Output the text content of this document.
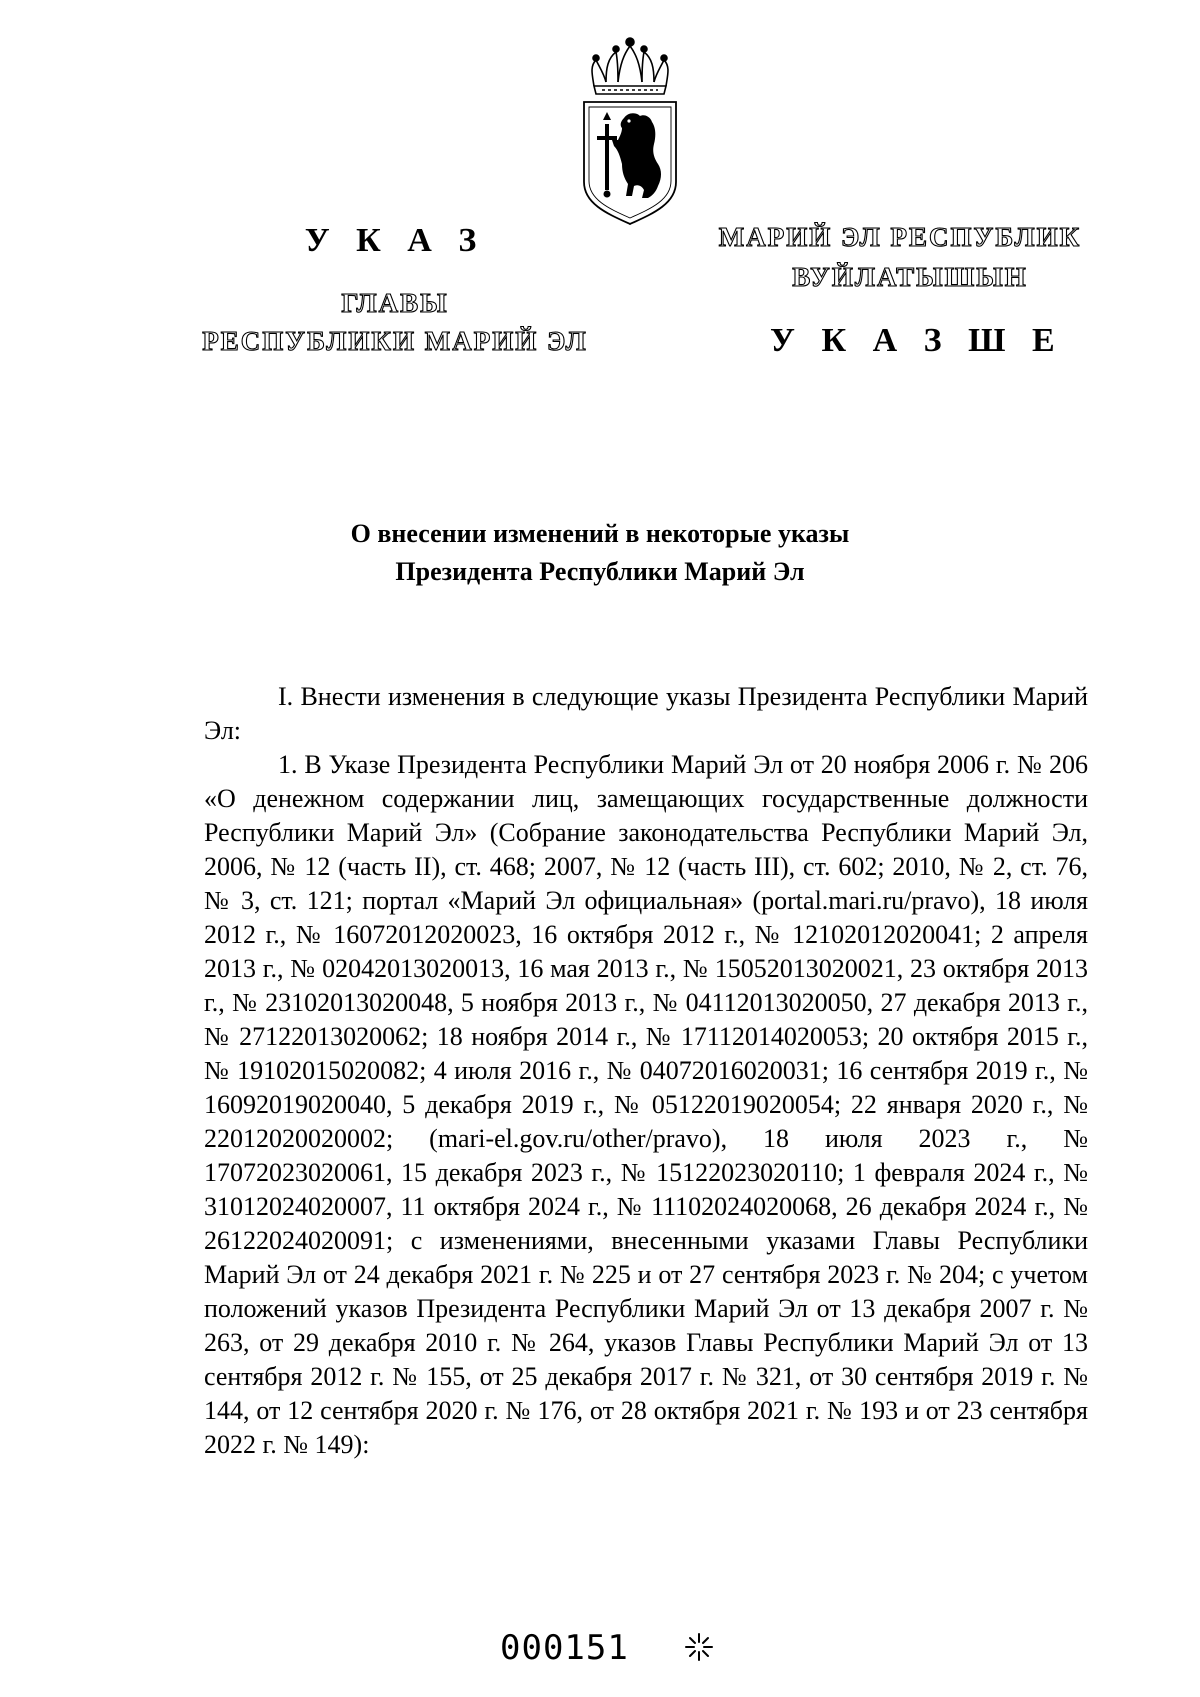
У К А З
ГЛАВЫ
РЕСПУБЛИКИ МАРИЙ ЭЛ
МАРИЙ ЭЛ РЕСПУБЛИК
ВУЙЛАТЫШЫН
У К А З Ш Е
О внесении изменений в некоторые указы
Президента Республики Марий Эл

I. Внести изменения в следующие указы Президента Республики Марий Эл:

1. В Указе Президента Республики Марий Эл от 20 ноября 2006 г. № 206 «О денежном содержании лиц, замещающих государственные должности Республики Марий Эл» (Собрание законодательства Республики Марий Эл, 2006, № 12 (часть II), ст. 468; 2007, № 12 (часть III), ст. 602; 2010, № 2, ст. 76, № 3, ст. 121; портал «Марий Эл официальная» (portal.mari.ru/pravo), 18 июля 2012 г., № 16072012020023, 16 октября 2012 г., № 12102012020041; 2 апреля 2013 г., № 02042013020013, 16 мая 2013 г., № 15052013020021, 23 октября 2013 г., № 23102013020048, 5 ноября 2013 г., № 04112013020050, 27 декабря 2013 г., № 27122013020062; 18 ноября 2014 г., № 17112014020053; 20 октября 2015 г., № 19102015020082; 4 июля 2016 г., № 04072016020031; 16 сентября 2019 г., № 16092019020040, 5 декабря 2019 г., № 05122019020054; 22 января 2020 г., № 22012020020002; (mari-el.gov.ru/other/pravo), 18 июля 2023 г., № 17072023020061, 15 декабря 2023 г., № 15122023020110; 1 февраля 2024 г., № 31012024020007, 11 октября 2024 г., № 11102024020068, 26 декабря 2024 г., № 26122024020091; с изменениями, внесенными указами Главы Республики Марий Эл от 24 декабря 2021 г. № 225 и от 27 сентября 2023 г. № 204; с учетом положений указов Президента Республики Марий Эл от 13 декабря 2007 г. № 263, от 29 декабря 2010 г. № 264, указов Главы Республики Марий Эл от 13 сентября 2012 г. № 155, от 25 декабря 2017 г. № 321, от 30 сентября 2019 г. № 144, от 12 сентября 2020 г. № 176, от 28 октября 2021 г. № 193 и от 23 сентября 2022 г. № 149):

000151
